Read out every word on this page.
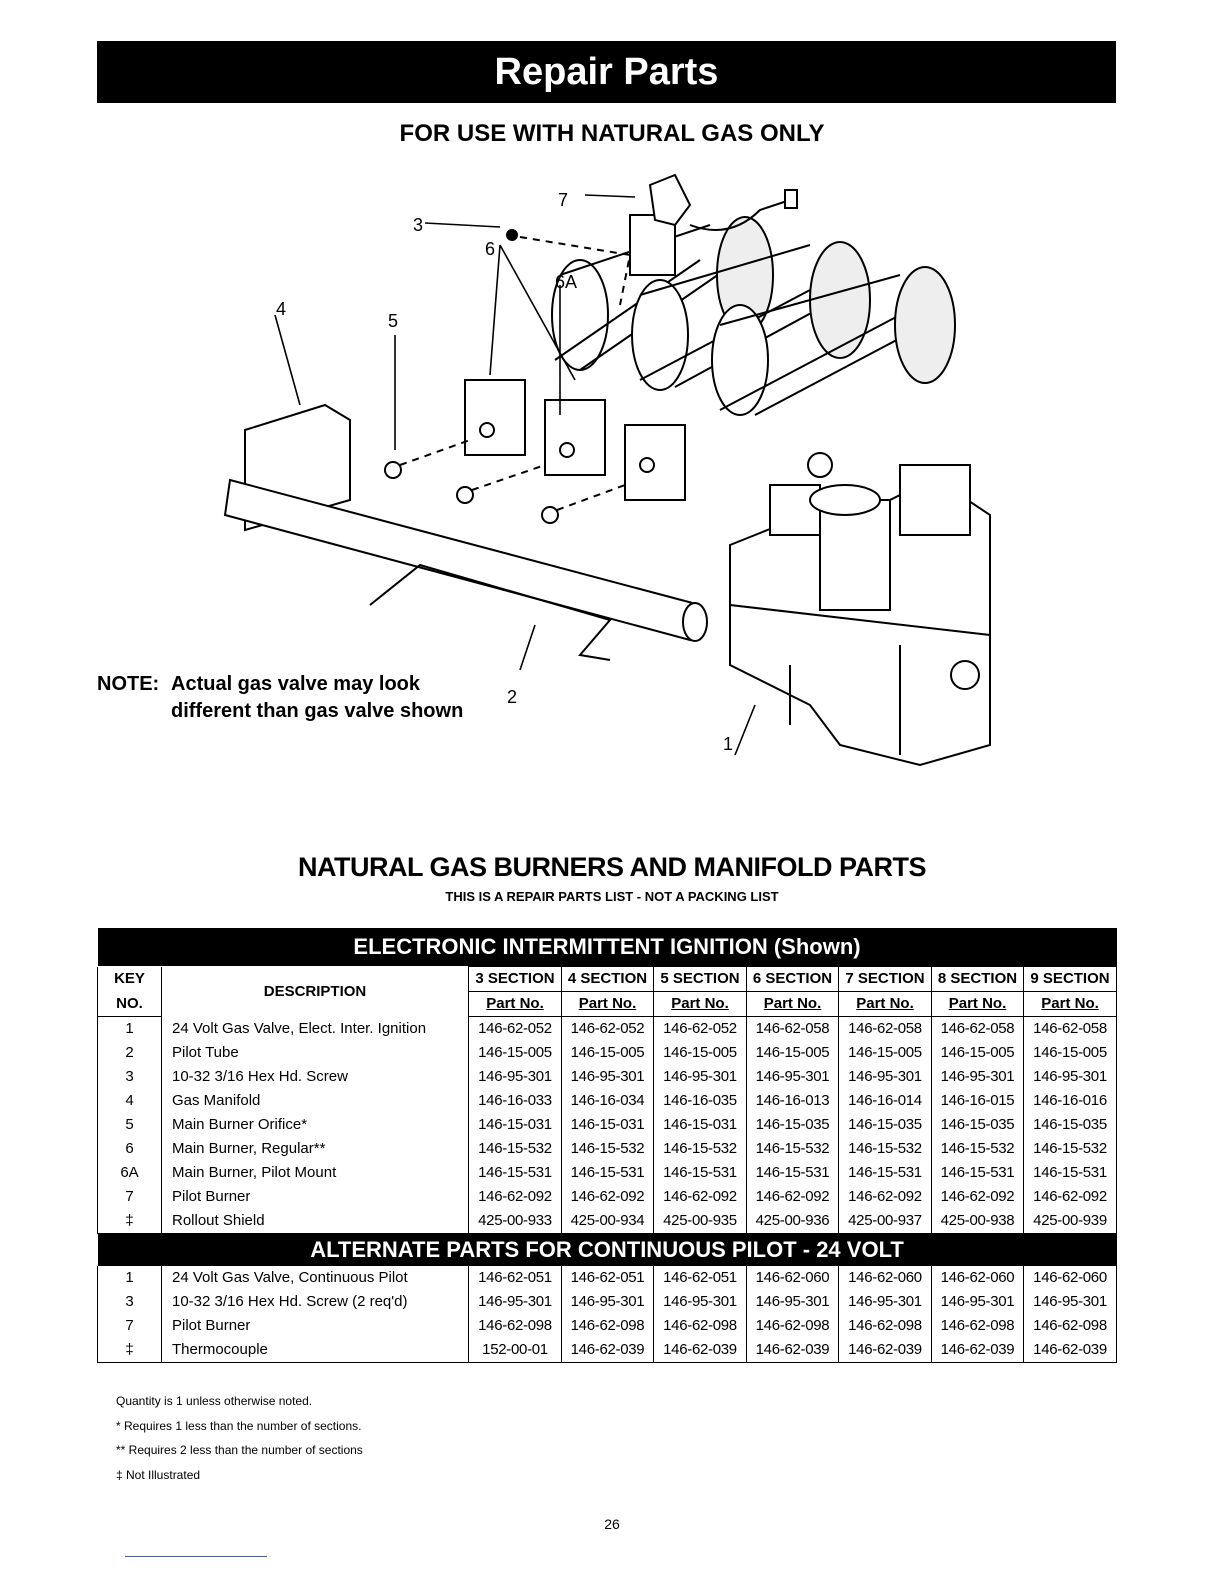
Repair Parts
FOR USE WITH NATURAL GAS ONLY
1
2
3
4
5
6
6A
7
NOTE: Actual gas valve may look
different than gas valve shown
NATURAL GAS BURNERS AND MANIFOLD PARTS
THIS IS A REPAIR PARTS LIST - NOT A PACKING LIST
ELECTRONIC INTERMITTENT IGNITION (Shown)								
KEY	DESCRIPTION	3 SECTION	4 SECTION	5 SECTION	6 SECTION	7 SECTION	8 SECTION	9 SECTION
NO.		Part No.	Part No.	Part No.	Part No.	Part No.	Part No.	Part No.
1	24 Volt Gas Valve, Elect. Inter. Ignition	146-62-052	146-62-052	146-62-052	146-62-058	146-62-058	146-62-058	146-62-058
2	Pilot Tube	146-15-005	146-15-005	146-15-005	146-15-005	146-15-005	146-15-005	146-15-005
3	10-32 3/16 Hex Hd. Screw	146-95-301	146-95-301	146-95-301	146-95-301	146-95-301	146-95-301	146-95-301
4	Gas Manifold	146-16-033	146-16-034	146-16-035	146-16-013	146-16-014	146-16-015	146-16-016
5	Main Burner Orifice*	146-15-031	146-15-031	146-15-031	146-15-035	146-15-035	146-15-035	146-15-035
6	Main Burner, Regular**	146-15-532	146-15-532	146-15-532	146-15-532	146-15-532	146-15-532	146-15-532
6A	Main Burner, Pilot Mount	146-15-531	146-15-531	146-15-531	146-15-531	146-15-531	146-15-531	146-15-531
7	Pilot Burner	146-62-092	146-62-092	146-62-092	146-62-092	146-62-092	146-62-092	146-62-092
‡	Rollout Shield	425-00-933	425-00-934	425-00-935	425-00-936	425-00-937	425-00-938	425-00-939
ALTERNATE PARTS FOR CONTINUOUS PILOT - 24 VOLT								
1	24 Volt Gas Valve, Continuous Pilot	146-62-051	146-62-051	146-62-051	146-62-060	146-62-060	146-62-060	146-62-060
3	10-32 3/16 Hex Hd. Screw (2 req'd)	146-95-301	146-95-301	146-95-301	146-95-301	146-95-301	146-95-301	146-95-301
7	Pilot Burner	146-62-098	146-62-098	146-62-098	146-62-098	146-62-098	146-62-098	146-62-098
‡	Thermocouple	152-00-01	146-62-039	146-62-039	146-62-039	146-62-039	146-62-039	146-62-039
Quantity is 1 unless otherwise noted.
* Requires 1 less than the number of sections.
** Requires 2 less than the number of sections
‡ Not Illustrated
26
